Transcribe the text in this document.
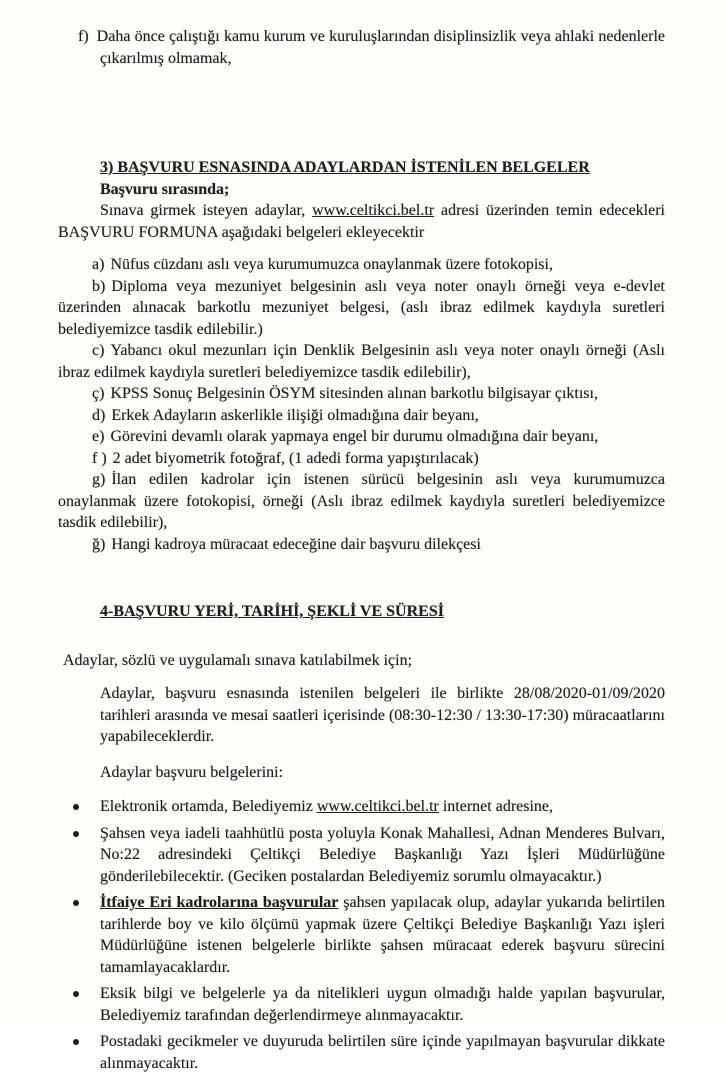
f) Daha önce çalıştığı kamu kurum ve kuruluşlarından disiplinsizlik veya ahlaki nedenlerle çıkarılmış olmamak,

3) BAŞVURU ESNASINDA ADAYLARDAN İSTENİLEN BELGELER

Başvuru sırasında;

Sınava girmek isteyen adaylar, www.celtikci.bel.tr adresi üzerinden temin edecekleri BAŞVURU FORMUNA aşağıdaki belgeleri ekleyecektir

a) Nüfus cüzdanı aslı veya kurumumuzca onaylanmak üzere fotokopisi,

b) Diploma veya mezuniyet belgesinin aslı veya noter onaylı örneği veya e-devlet üzerinden alınacak barkotlu mezuniyet belgesi, (aslı ibraz edilmek kaydıyla suretleri belediyemizce tasdik edilebilir.)

c) Yabancı okul mezunları için Denklik Belgesinin aslı veya noter onaylı örneği (Aslı ibraz edilmek kaydıyla suretleri belediyemizce tasdik edilebilir),

ç) KPSS Sonuç Belgesinin ÖSYM sitesinden alınan barkotlu bilgisayar çıktısı,

d) Erkek Adayların askerlikle ilişiği olmadığına dair beyanı,

e) Görevini devamlı olarak yapmaya engel bir durumu olmadığına dair beyanı,

f ) 2 adet biyometrik fotoğraf, (1 adedi forma yapıştırılacak)

g) İlan edilen kadrolar için istenen sürücü belgesinin aslı veya kurumumuzca onaylanmak üzere fotokopisi, örneği (Aslı ibraz edilmek kaydıyla suretleri belediyemizce tasdik edilebilir),

ğ) Hangi kadroya müracaat edeceğine dair başvuru dilekçesi

4-BAŞVURU YERİ, TARİHİ, ŞEKLİ VE SÜRESİ

Adaylar, sözlü ve uygulamalı sınava katılabilmek için;

Adaylar, başvuru esnasında istenilen belgeleri ile birlikte 28/08/2020-01/09/2020 tarihleri arasında ve mesai saatleri içerisinde (08:30-12:30 / 13:30-17:30) müracaatlarını yapabileceklerdir.

Adaylar başvuru belgelerini:

Elektronik ortamda, Belediyemiz www.celtikci.bel.tr internet adresine,
Şahsen veya iadeli taahhütlü posta yoluyla Konak Mahallesi, Adnan Menderes Bulvarı, No:22 adresindeki Çeltikçi Belediye Başkanlığı Yazı İşleri Müdürlüğüne gönderilebilecektir. (Geciken postalardan Belediyemiz sorumlu olmayacaktır.)
İtfaiye Eri kadrolarına başvurular şahsen yapılacak olup, adaylar yukarıda belirtilen tarihlerde boy ve kilo ölçümü yapmak üzere Çeltikçi Belediye Başkanlığı Yazı işleri Müdürlüğüne istenen belgelerle birlikte şahsen müracaat ederek başvuru sürecini tamamlayacaklardır.
Eksik bilgi ve belgelerle ya da nitelikleri uygun olmadığı halde yapılan başvurular, Belediyemiz tarafından değerlendirmeye alınmayacaktır.
Postadaki gecikmeler ve duyuruda belirtilen süre içinde yapılmayan başvurular dikkate alınmayacaktır.
